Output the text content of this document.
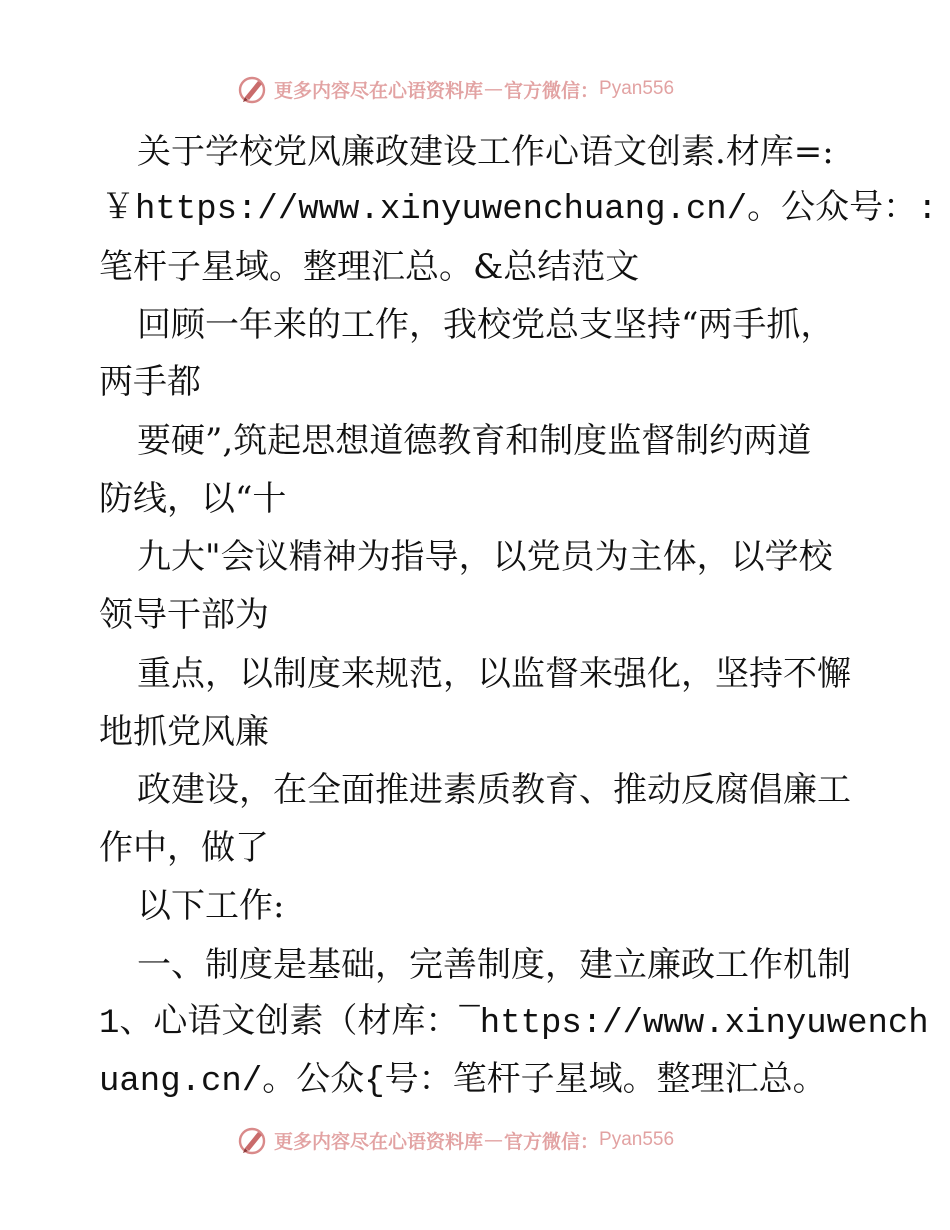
更多内容尽在心语资料库 — 官方微信： Pyan556
关于学校党风廉政建设工作心语文创素.材库=:
￥https://www.xinyuwenchuang.cn/。公众号：:
笔杆子星域。整理汇总。&总结范文
回顾一年来的工作，我校党总支坚持“两手抓，
两手都
要硬”,筑起思想道德教育和制度监督制约两道
防线，以“十
九大"会议精神为指导，以党员为主体，以学校
领导干部为
重点，以制度来规范，以监督来强化，坚持不懈
地抓党风廉
政建设，在全面推进素质教育、推动反腐倡廉工
作中，做了
以下工作:
一、制度是基础，完善制度，建立廉政工作机制
1、心语文创素（材库：¯https://www.xinyuwench
uang.cn/。公众{号：笔杆子星域。整理汇总。
更多内容尽在心语资料库 — 官方微信： Pyan556
